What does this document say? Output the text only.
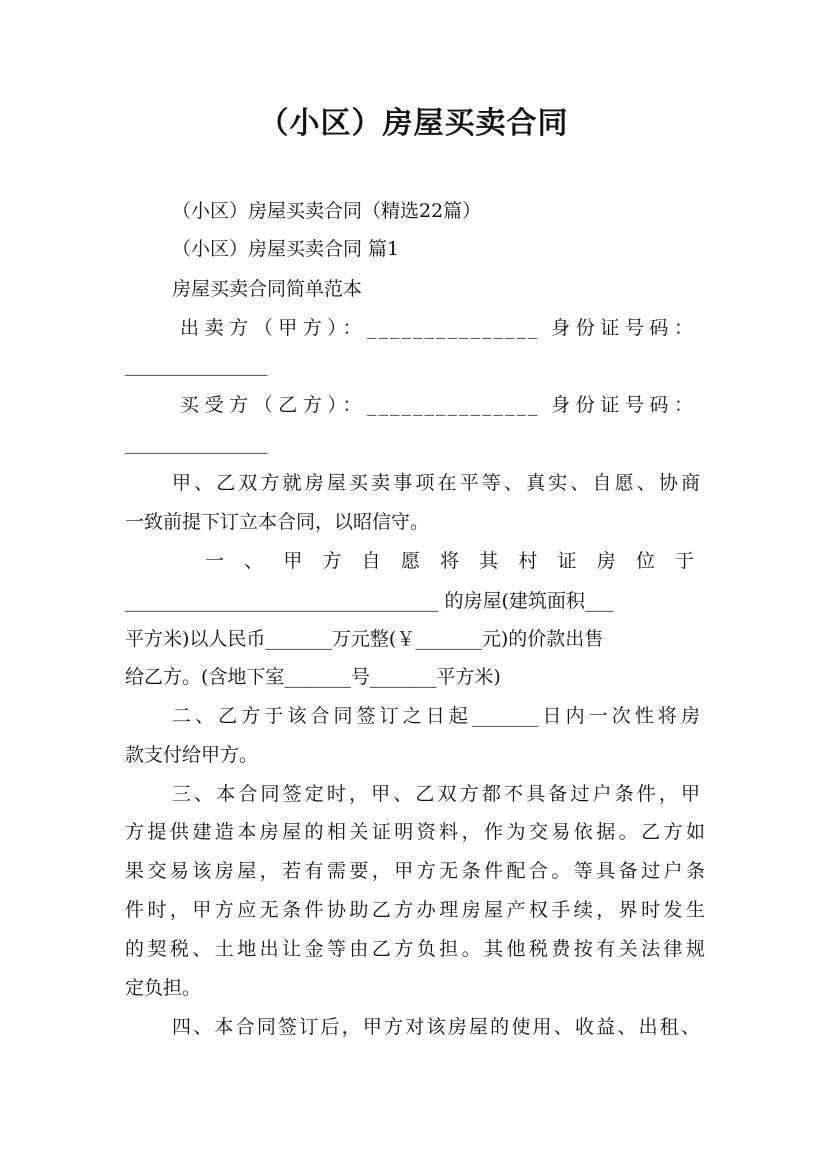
（小区）房屋买卖合同
（小区）房屋买卖合同（精选22篇）
（小区）房屋买卖合同 篇1
房屋买卖合同简单范本
出卖方（甲方）：_______________ 身份证号码：
_______________
买受方（乙方）：_______________ 身份证号码：
_______________
甲、乙双方就房屋买卖事项在平等、真实、自愿、协商
一致前提下订立本合同，以昭信守。
一、甲方自愿将其村证房位于
_________________________________ 的房屋(建筑面积___
平方米)以人民币_______万元整(￥_______元)的价款出售
给乙方。(含地下室_______号_______平方米)
二、乙方于该合同签订之日起_______日内一次性将房
款支付给甲方。
三、本合同签定时，甲、乙双方都不具备过户条件，甲
方提供建造本房屋的相关证明资料，作为交易依据。乙方如
果交易该房屋，若有需要，甲方无条件配合。等具备过户条
件时，甲方应无条件协助乙方办理房屋产权手续，界时发生
的契税、土地出让金等由乙方负担。其他税费按有关法律规
定负担。
四、本合同签订后，甲方对该房屋的使用、收益、出租、
